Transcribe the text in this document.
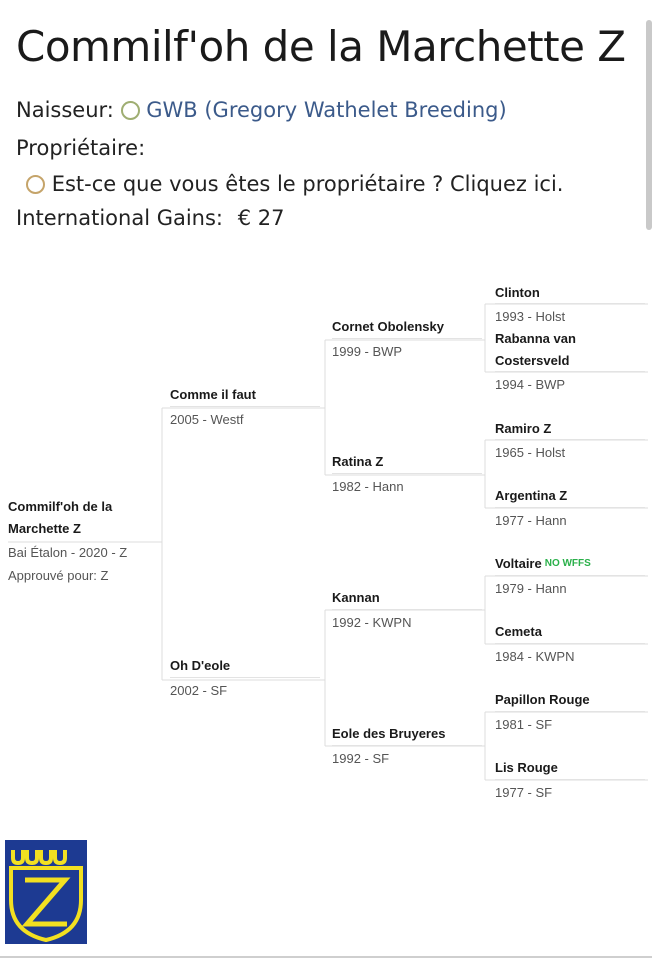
Commilf'oh de la Marchette Z
Naisseur: GWB (Gregory Wathelet Breeding)
Propriétaire:
Est-ce que vous êtes le propriétaire ? Cliquez ici.
International Gains: € 27
Commilf'oh de la Marchette Z
Bai Étalon - 2020 - Z
Approuvé pour: Z
Comme il faut
2005 - Westf
Oh D'eole
2002 - SF
Cornet Obolensky
1999 - BWP
Ratina Z
1982 - Hann
Kannan
1992 - KWPN
Eole des Bruyeres
1992 - SF
Clinton
1993 - Holst
Rabanna van Costersveld
1994 - BWP
Ramiro Z
1965 - Holst
Argentina Z
1977 - Hann
Voltaire NO WFFS
1979 - Hann
Cemeta
1984 - KWPN
Papillon Rouge
1981 - SF
Lis Rouge
1977 - SF
